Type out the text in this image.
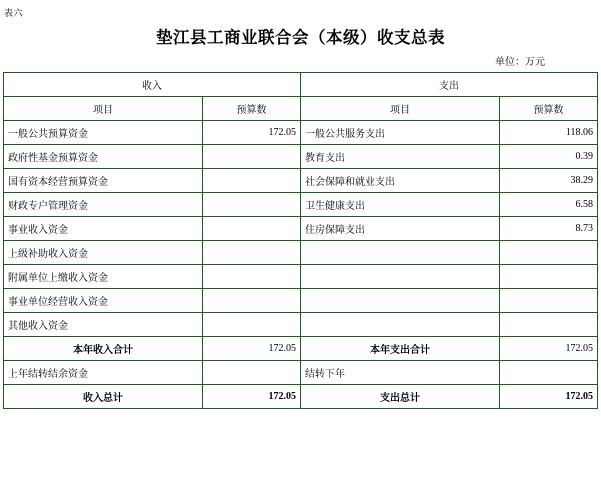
表六
垫江县工商业联合会（本级）收支总表
单位：万元
收入		支出	
项目	预算数	项目	预算数
一般公共预算资金	172.05	一般公共服务支出	118.06
政府性基金预算资金		教育支出	0.39
国有资本经营预算资金		社会保障和就业支出	38.29
财政专户管理资金		卫生健康支出	6.58
事业收入资金		住房保障支出	8.73
上级补助收入资金			
附属单位上缴收入资金			
事业单位经营收入资金			
其他收入资金			
本年收入合计	172.05	本年支出合计	172.05
上年结转结余资金		结转下年	
收入总计	172.05	支出总计	172.05
